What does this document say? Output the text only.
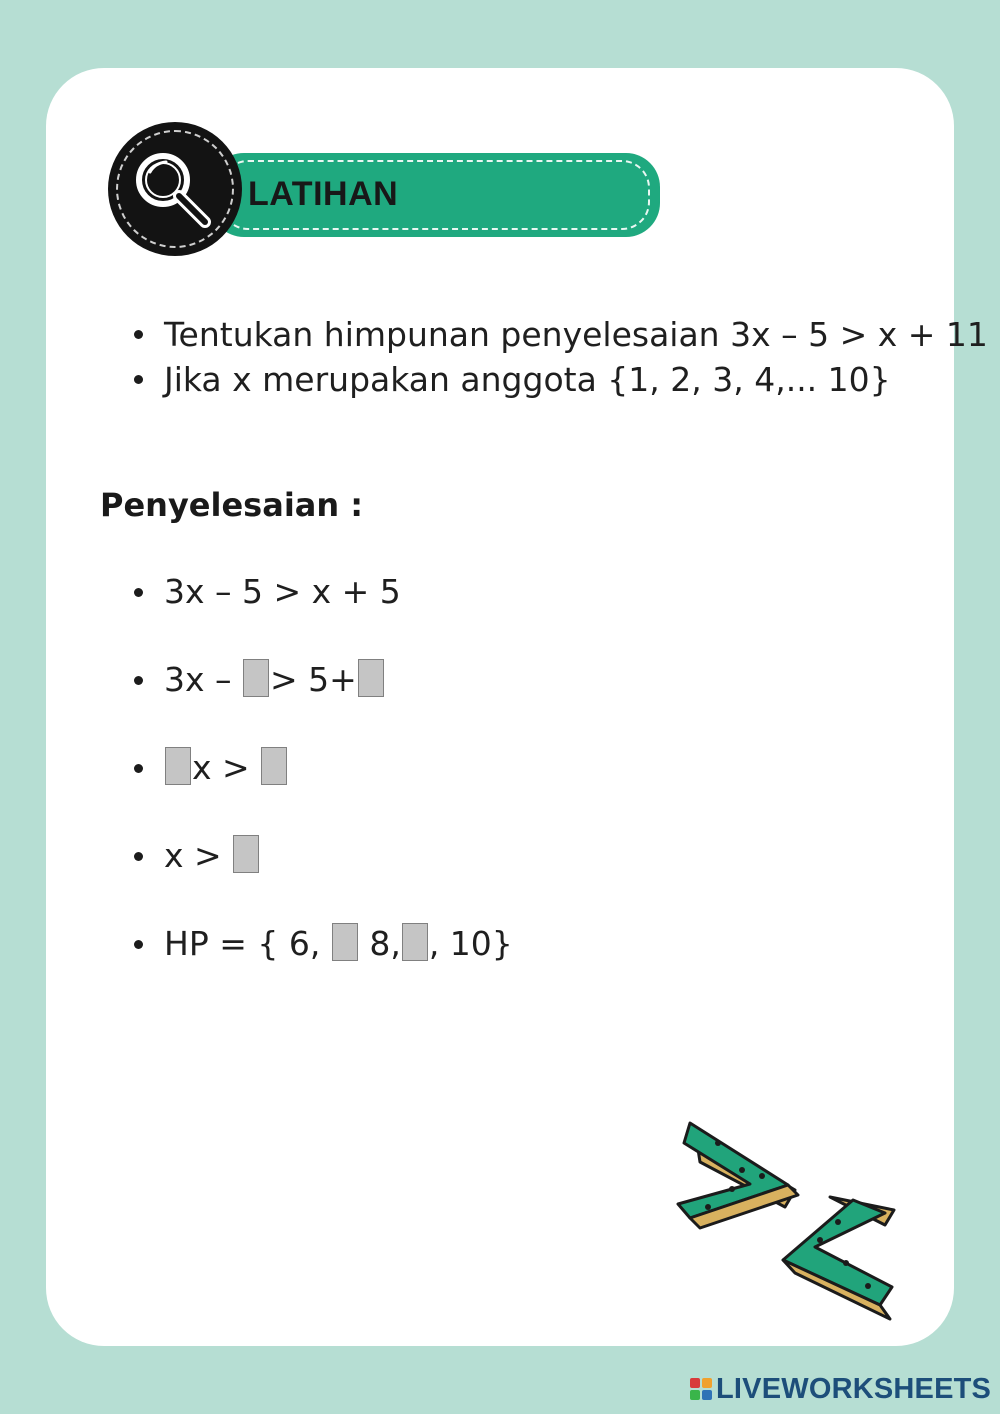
LATIHAN
Tentukan himpunan penyelesaian 3x – 5 > x + 11
Jika x merupakan anggota {1, 2, 3, 4,... 10}
Penyelesaian :
3x – 5 > x + 5
3x – > 5+
x >
x >
HP = { 6, 8, , 10}
LIVEWORKSHEETS
